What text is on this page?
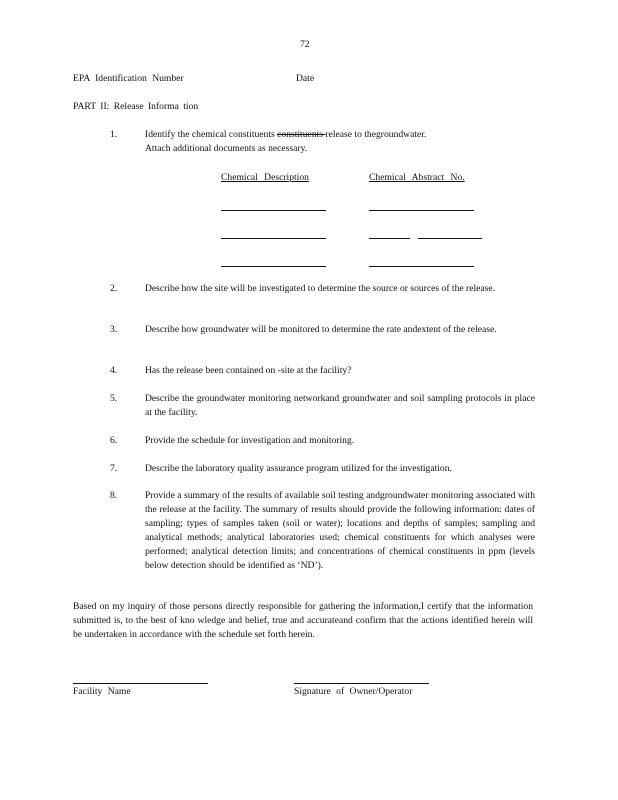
72
EPA Identification Number	Date
PART II: Release Informa tion
1.	Identify the chemical constituents constituents release to thegroundwater.
Attach additional documents as necessary.
Chemical Description	Chemical Abstract No.
2.	Describe how the site will be investigated to determine the source or sources of the release.
3.	Describe how groundwater will be monitored to determine the rate andextent of the release.
4.	Has the release been contained on -site at the facility?
5.	Describe the groundwater monitoring networkand groundwater and soil sampling protocols in place at the facility.
6.	Provide the schedule for investigation and monitoring.
7.	Describe the laboratory quality assurance program utilized for the investigation.
8.	Provide a summary of the results of available soil testing andgroundwater monitoring associated with the release at the facility. The summary of results should provide the following information: dates of sampling; types of samples taken (soil or water); locations and depths of samples; sampling and analytical methods; analytical laboratories used; chemical constituents for which analyses were performed; analytical detection limits; and concentrations of chemical constituents in ppm (levels below detection should be identified as ‘ND’).
Based on my inquiry of those persons directly responsible for gathering the information,I certify that the information submitted is, to the best of kno wledge and belief, true and accurateand confirm that the actions identified herein will be undertaken in accordance with the schedule set forth herein.
Facility Name	Signature of Owner/Operator
